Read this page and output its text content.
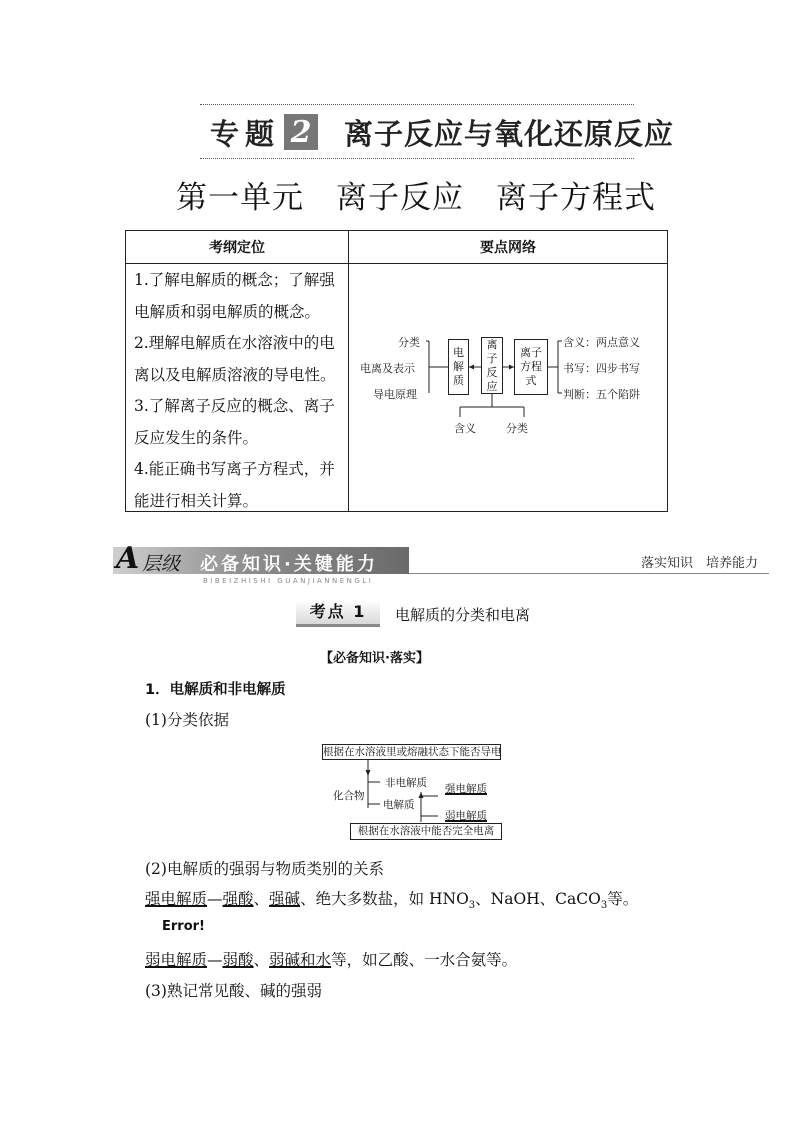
专 题 2 离子反应与氧化还原反应
第一单元　离子反应　离子方程式
考纲定位	要点网络
1.了解电解质的概念；了解强电解质和弱电解质的概念。
2.理解电解质在水溶液中的电离以及电解质溶液的导电性。
3.了解离子反应的概念、离子反应发生的条件。
4.能正确书写离子方程式，并能进行相关计算。
分类
电离及表示
导电原理
电解质
离子反应
离子方程式
含义：两点意义
书写：四步书写
判断：五个陷阱
含义	分类
A 层级 必备知识·关键能力
BIBEIZHISHI GUANJIANNENGLI
落实知识　培养能力
考点 1	电解质的分类和电离
【必备知识·落实】
1．电解质和非电解质
(1)分类依据
根据在水溶液里或熔融状态下能否导电
化合物
非电解质
电解质
强电解质
弱电解质
根据在水溶液中能否完全电离
(2)电解质的强弱与物质类别的关系
强电解质—强酸、强碱、绝大多数盐，如 $HNO_3$、NaOH、CaCO$_3$等。
Error!
弱电解质—弱酸、弱碱和水等，如乙酸、一水合氨等。
(3)熟记常见酸、碱的强弱
